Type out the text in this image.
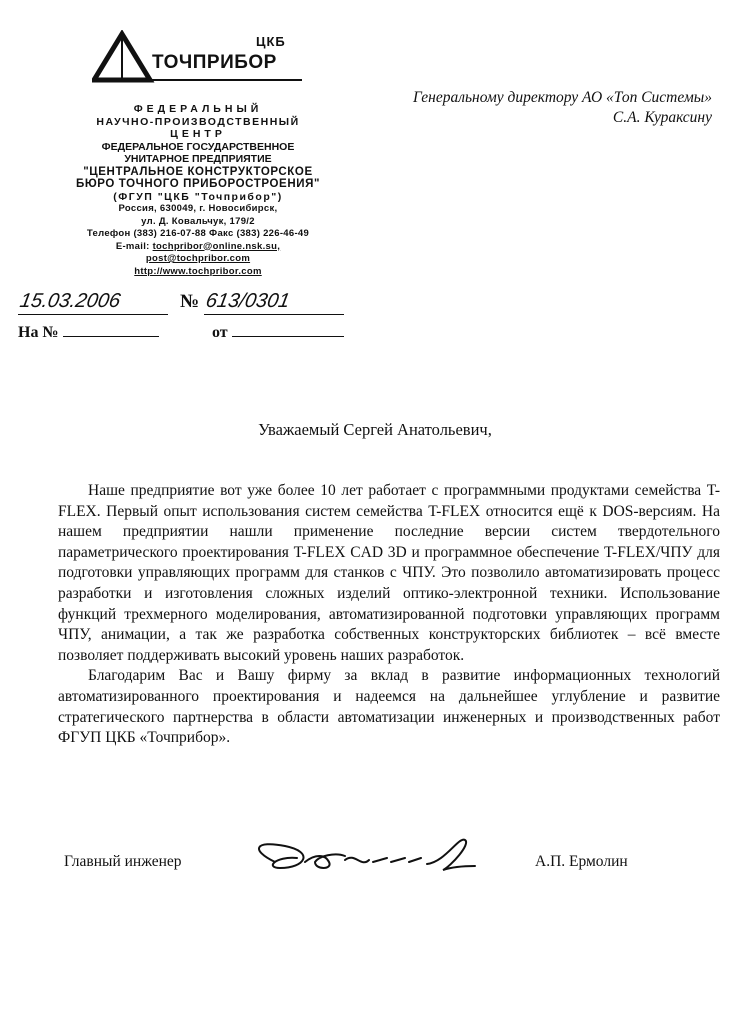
ЦКБ
ТОЧПРИБОР
ФЕДЕРАЛЬНЫЙ
НАУЧНО-ПРОИЗВОДСТВЕННЫЙ
ЦЕНТР
ФЕДЕРАЛЬНОЕ ГОСУДАРСТВЕННОЕ
УНИТАРНОЕ ПРЕДПРИЯТИЕ
"ЦЕНТРАЛЬНОЕ КОНСТРУКТОРСКОЕ
БЮРО ТОЧНОГО ПРИБОРОСТРОЕНИЯ"
(ФГУП "ЦКБ "Точприбор")
Россия, 630049, г. Новосибирск,
ул. Д. Ковальчук, 179/2
Телефон (383) 216-07-88 Факс (383) 226-46-49
E-mail: tochpribor@online.nsk.su,
post@tochpribor.com
http://www.tochpribor.com
15.03.2006	№ 613/0301
На №	от
Генеральному директору АО «Топ Системы»
С.А. Кураксину
Уважаемый Сергей Анатольевич,

Наше предприятие вот уже более 10 лет работает с программными продуктами семейства T-FLEX. Первый опыт использования систем семейства T-FLEX относится ещё к DOS-версиям. На нашем предприятии нашли применение последние версии систем твердотельного параметрического проектирования T-FLEX CAD 3D и программное обеспечение T-FLEX/ЧПУ для подготовки управляющих программ для станков с ЧПУ. Это позволило автоматизировать процесс разработки и изготовления сложных изделий оптико-электронной техники. Использование функций трехмерного моделирования, автоматизированной подготовки управляющих программ ЧПУ, анимации, а так же разработка собственных конструкторских библиотек – всё вместе позволяет поддерживать высокий уровень наших разработок.

Благодарим Вас и Вашу фирму за вклад в развитие информационных технологий автоматизированного проектирования и надеемся на дальнейшее углубление и развитие стратегического партнерства в области автоматизации инженерных и производственных работ ФГУП ЦКБ «Точприбор».

Главный инженер	А.П. Ермолин
